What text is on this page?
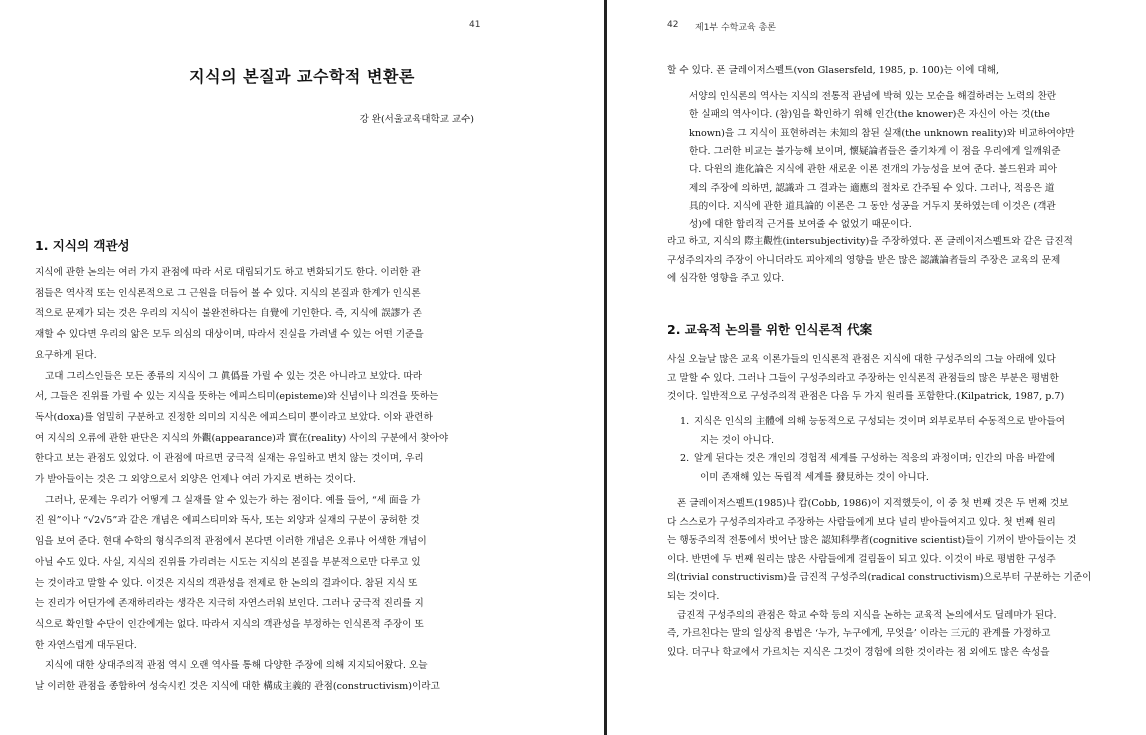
41
지식의 본질과 교수학적 변환론
강 완(서울교육대학교 교수)
1. 지식의 객관성
지식에 관한 논의는 여러 가지 관점에 따라 서로 대립되기도 하고 변화되기도 한다. 이러한 관
점들은 역사적 또는 인식론적으로 그 근원을 더듬어 볼 수 있다. 지식의 본질과 한계가 인식론
적으로 문제가 되는 것은 우리의 지식이 불완전하다는 自覺에 기인한다. 즉, 지식에 誤謬가 존
재할 수 있다면 우리의 앎은 모두 의심의 대상이며, 따라서 진실을 가려낼 수 있는 어떤 기준을
요구하게 된다.
고대 그리스인들은 모든 종류의 지식이 그 眞僞를 가릴 수 있는 것은 아니라고 보았다. 따라
서, 그들은 진위를 가릴 수 있는 지식을 뜻하는 에피스티미(episteme)와 신념이나 의견을 뜻하는
독사(doxa)를 엄밀히 구분하고 진정한 의미의 지식은 에피스티미 뿐이라고 보았다. 이와 관련하
여 지식의 오류에 관한 판단은 지식의 外觀(appearance)과 實在(reality) 사이의 구분에서 찾아야
한다고 보는 관점도 있었다. 이 관점에 따르면 궁극적 실재는 유일하고 변치 않는 것이며, 우리
가 받아들이는 것은 그 외양으로서 외양은 언제나 여러 가지로 변하는 것이다.
그러나, 문제는 우리가 어떻게 그 실재를 알 수 있는가 하는 점이다. 예를 들어, “세 面을 가
진 원”이나 “√2√5”과 같은 개념은 에피스티미와 독사, 또는 외양과 실재의 구분이 공허한 것
임을 보여 준다. 현대 수학의 형식주의적 관점에서 본다면 이러한 개념은 오류나 어색한 개념이
아닐 수도 있다. 사실, 지식의 진위를 가리려는 시도는 지식의 본질을 부분적으로만 다루고 있
는 것이라고 말할 수 있다. 이것은 지식의 객관성을 전제로 한 논의의 결과이다. 참된 지식 또
는 진리가 어딘가에 존재하리라는 생각은 지극히 자연스러워 보인다. 그러나 궁극적 진리를 지
식으로 확인할 수단이 인간에게는 없다. 따라서 지식의 객관성을 부정하는 인식론적 주장이 또
한 자연스럽게 대두된다.
지식에 대한 상대주의적 관점 역시 오랜 역사를 통해 다양한 주장에 의해 지지되어왔다. 오늘
날 이러한 관점을 종합하여 성숙시킨 것은 지식에 대한 構成主義的 관점(constructivism)이라고
42 제1부 수학교육 총론
할 수 있다. 폰 글레이저스펠트(von Glasersfeld, 1985, p. 100)는 이에 대해,
서양의 인식론의 역사는 지식의 전통적 관념에 박혀 있는 모순을 해결하려는 노력의 찬란
한 실패의 역사이다. (참)임을 확인하기 위해 인간(the knower)은 자신이 아는 것(the
known)을 그 지식이 표현하려는 未知의 참된 실재(the unknown reality)와 비교하여야만
한다. 그러한 비교는 불가능해 보이며, 懷疑論者들은 줄기차게 이 점을 우리에게 일깨워준
다. 다윈의 進化論은 지식에 관한 새로운 이론 전개의 가능성을 보여 준다. 볼드윈과 피아
제의 주장에 의하면, 認識과 그 결과는 適應의 절차로 간주될 수 있다. 그러나, 적응은 道
具的이다. 지식에 관한 道具論的 이론은 그 동안 성공을 거두지 못하였는데 이것은 (객관
성)에 대한 합리적 근거를 보여줄 수 없었기 때문이다.
라고 하고, 지식의 際主觀性(intersubjectivity)을 주장하였다. 폰 글레이저스펠트와 같은 급진적
구성주의자의 주장이 아니더라도 피아제의 영향을 받은 많은 認識論者들의 주장은 교육의 문제
에 심각한 영향을 주고 있다.
2. 교육적 논의를 위한 인식론적 代案
사실 오늘날 많은 교육 이론가들의 인식론적 관점은 지식에 대한 구성주의의 그늘 아래에 있다
고 말할 수 있다. 그러나 그들이 구성주의라고 주장하는 인식론적 관점들의 많은 부분은 평범한
것이다. 일반적으로 구성주의적 관점은 다음 두 가지 원리를 포함한다.(Kilpatrick, 1987, p.7)
1. 지식은 인식의 主體에 의해 능동적으로 구성되는 것이며 외부로부터 수동적으로 받아들여
지는 것이 아니다.
2. 알게 된다는 것은 개인의 경험적 세계를 구성하는 적응의 과정이며; 인간의 마음 바깥에
이미 존재해 있는 독립적 세계를 發見하는 것이 아니다.
폰 글레이저스펠트(1985)나 캅(Cobb, 1986)이 지적했듯이, 이 중 첫 번째 것은 두 번째 것보
다 스스로가 구성주의자라고 주장하는 사람들에게 보다 널리 받아들여지고 있다. 첫 번째 원리
는 행동주의적 전통에서 벗어난 많은 認知科學者(cognitive scientist)들이 기꺼이 받아들이는 것
이다. 반면에 두 번째 원리는 많은 사람들에게 걸림돌이 되고 있다. 이것이 바로 평범한 구성주
의(trivial constructivism)을 급진적 구성주의(radical constructivism)으로부터 구분하는 기준이
되는 것이다.
급진적 구성주의의 관점은 학교 수학 등의 지식을 논하는 교육적 논의에서도 딜레마가 된다.
즉, 가르친다는 말의 일상적 용법은 ‘누가, 누구에게, 무엇을’ 이라는 三元的 관계를 가정하고
있다. 더구나 학교에서 가르치는 지식은 그것이 경험에 의한 것이라는 점 외에도 많은 속성을
